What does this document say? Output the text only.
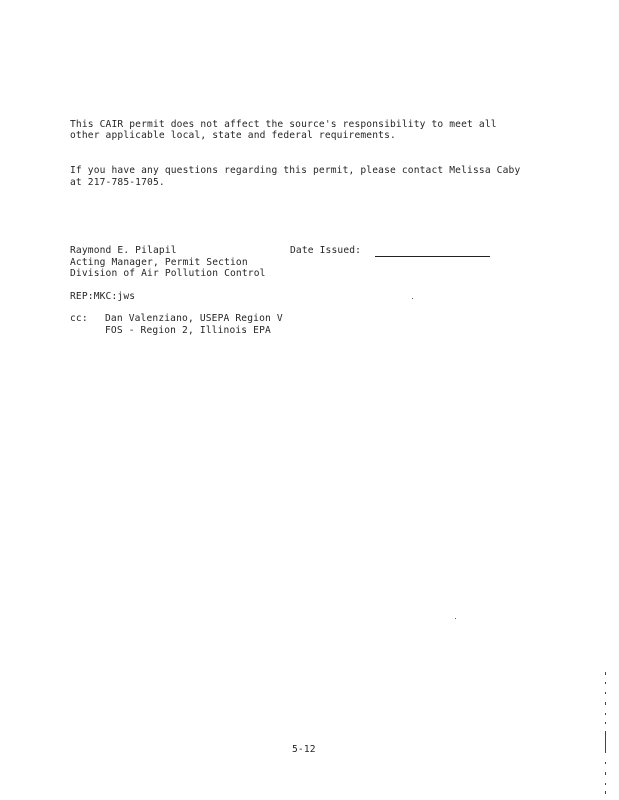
This CAIR permit does not affect the source's responsibility to meet all
other applicable local, state and federal requirements.
If you have any questions regarding this permit, please contact Melissa Caby
at 217-785-1705.
Raymond E. Pilapil
Acting Manager, Permit Section
Division of Air Pollution Control
Date Issued:
REP:MKC:jws
cc: Dan Valenziano, USEPA Region V
FOS - Region 2, Illinois EPA
5-12
